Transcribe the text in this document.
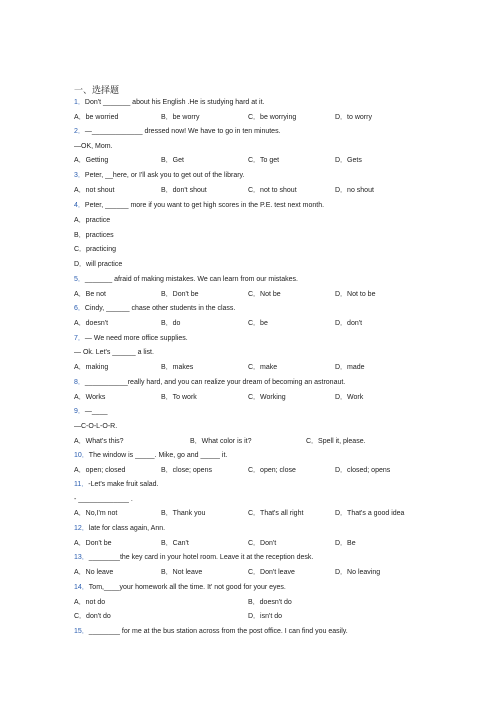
一、选择题
1．Don't _______ about his English .He is studying hard at it.
A．be worried	B．be worry	C．be worrying	D．to worry
2．—_____________ dressed now! We have to go in ten minutes.
—OK, Mom.
A．Getting	B．Get	C．To get	D．Gets
3．Peter, __here, or I'll ask you to get out of the library.
A．not shout	B．don't shout	C．not to shout	D．no shout
4．Peter, ______ more if you want to get high scores in the P.E. test next month.
A．practice
B．practices
C．practicing
D．will practice
5．_______ afraid of making mistakes. We can learn from our mistakes.
A．Be not	B．Don't be	C．Not be	D．Not to be
6．Cindy, ______ chase other students in the class.
A．doesn't	B．do	C．be	D．don't
7．— We need more office supplies.
— Ok. Let's ______ a list.
A．making	B．makes	C．make	D．made
8．___________really hard, and you can realize your dream of becoming an astronaut.
A．Works	B．To work	C．Working	D．Work
9．—____
—C-O-L-O-R.
A．What's this?	B．What color is it?	C．Spell it, please.
10．The window is _____. Mike, go and _____ it.
A．open; closed	B．close; opens	C．open; close	D．closed; opens
11．-Let's make fruit salad.
- _____________ .
A．No,I'm not	B．Thank you	C．That's all right	D．That's a good idea
12．late for class again, Ann.
A．Don't be	B．Can't	C．Don't	D．Be
13．________the key card in your hotel room. Leave it at the reception desk.
A．No leave	B．Not leave	C．Don't leave	D．No leaving
14．Tom,____your homework all the time. It' not good for your eyes.
A．not do	B．doesn't do
C．don't do	D．isn't do
15．________ for me at the bus station across from the post office. I can find you easily.
